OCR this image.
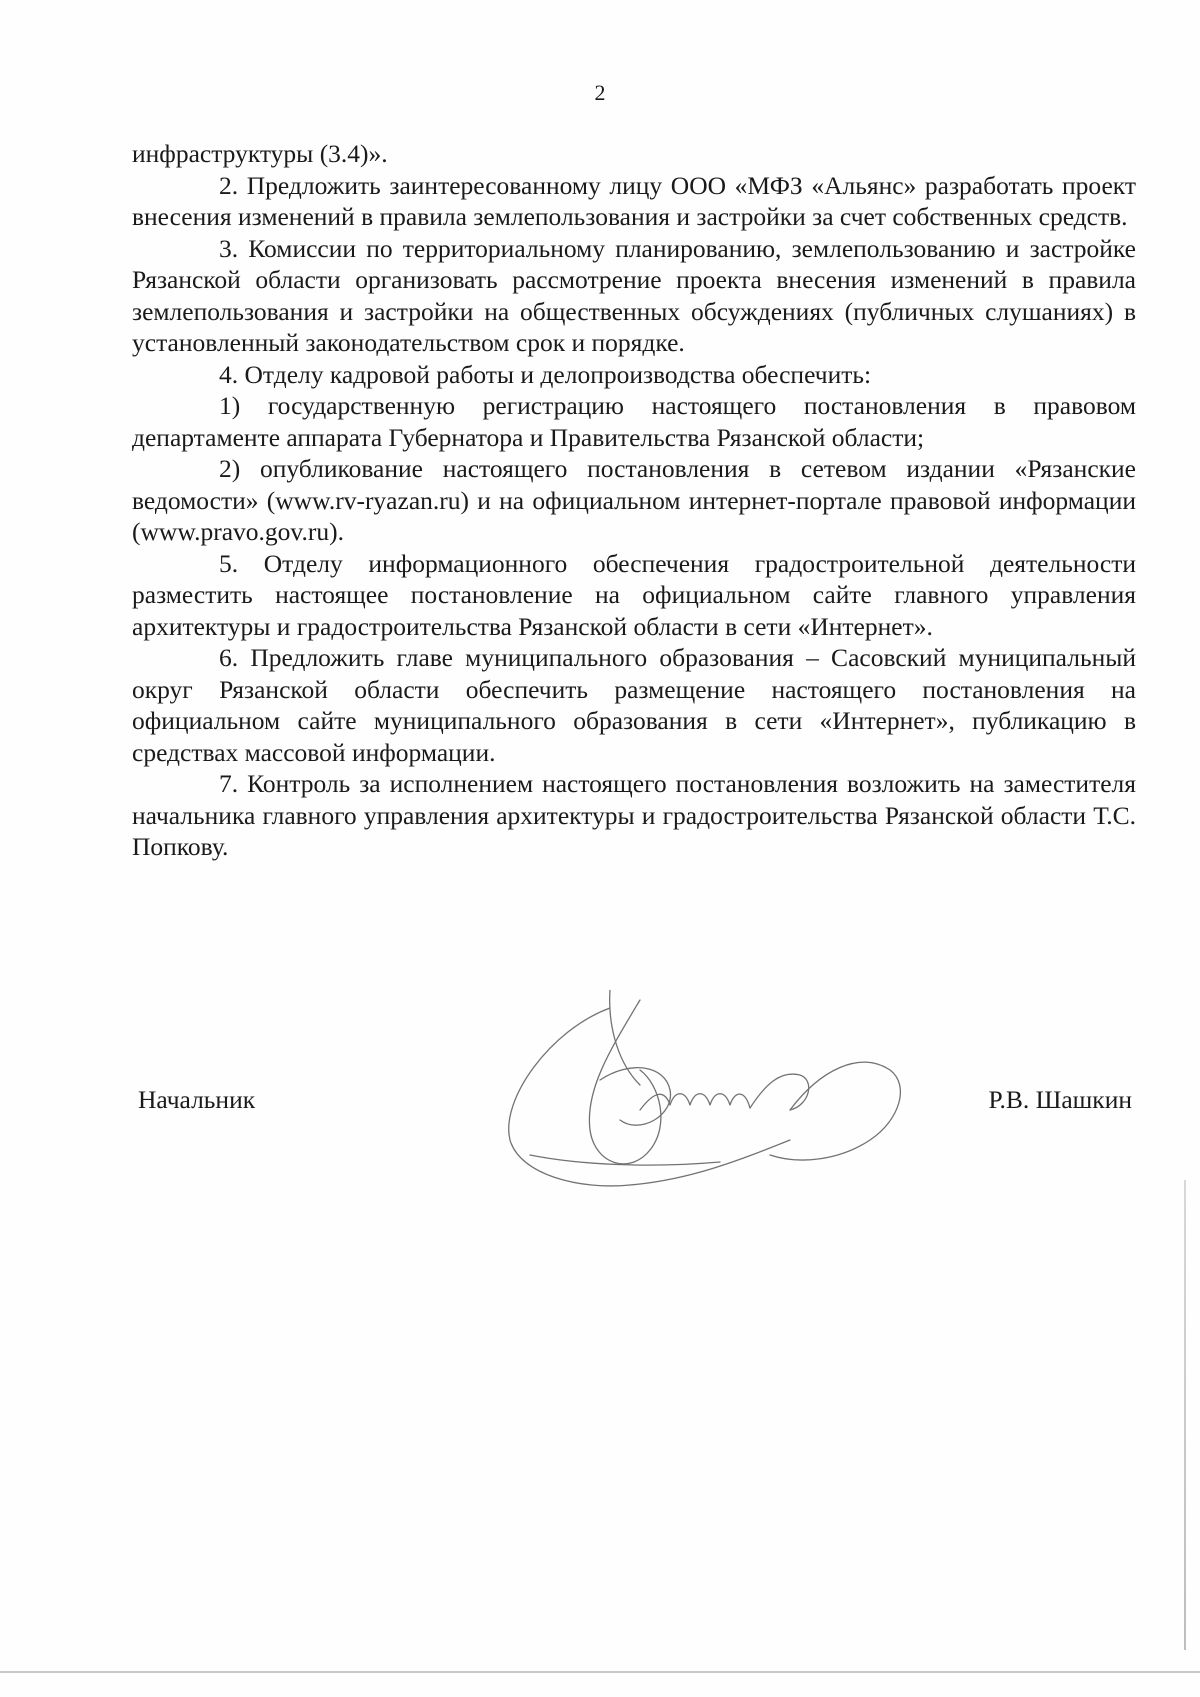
2

инфраструктуры (3.4)».

2. Предложить заинтересованному лицу ООО «МФЗ «Альянс» разработать проект внесения изменений в правила землепользования и застройки за счет собственных средств.

3. Комиссии по территориальному планированию, землепользованию и застройке Рязанской области организовать рассмотрение проекта внесения изменений в правила землепользования и застройки на общественных обсуждениях (публичных слушаниях) в установленный законодательством срок и порядке.

4. Отделу кадровой работы и делопроизводства обеспечить:

1) государственную регистрацию настоящего постановления в правовом департаменте аппарата Губернатора и Правительства Рязанской области;

2) опубликование настоящего постановления в сетевом издании «Рязанские ведомости» (www.rv-ryazan.ru) и на официальном интернет-портале правовой информации (www.pravo.gov.ru).

5. Отделу информационного обеспечения градостроительной деятельности разместить настоящее постановление на официальном сайте главного управления архитектуры и градостроительства Рязанской области в сети «Интернет».

6. Предложить главе муниципального образования – Сасовский муниципальный округ Рязанской области обеспечить размещение настоящего постановления на официальном сайте муниципального образования в сети «Интернет», публикацию в средствах массовой информации.

7. Контроль за исполнением настоящего постановления возложить на заместителя начальника главного управления архитектуры и градостроительства Рязанской области Т.С. Попкову.

Начальник	Р.В. Шашкин
